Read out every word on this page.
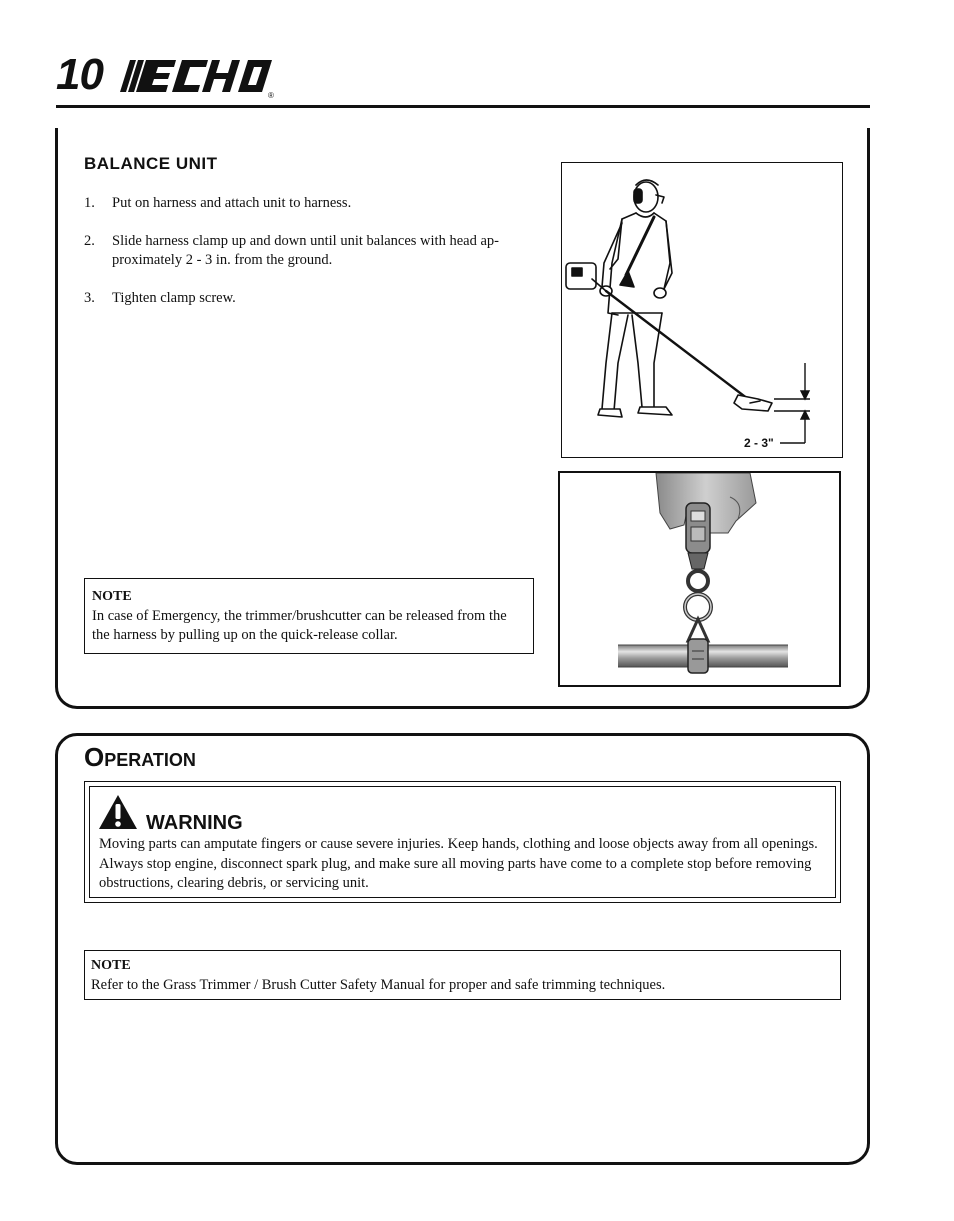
10	®
BALANCE UNIT
1.	Put on harness and attach unit to harness.
2.	Slide harness clamp up and down until unit balances with head ap-proximately 2 - 3 in. from the ground.
3.	Tighten clamp screw.
NOTE
In case of Emergency, the trimmer/brushcutter can be released from the the harness by pulling up on the quick-release collar.
2 - 3"
OPERATION
WARNING
Moving parts can amputate fingers or cause severe injuries. Keep hands, clothing and loose objects away from all openings. Always stop engine, disconnect spark plug, and make sure all moving parts have come to a complete stop before removing obstructions, clearing debris, or servicing unit.
NOTE
Refer to the Grass Trimmer / Brush Cutter Safety Manual for proper and safe trimming techniques.
